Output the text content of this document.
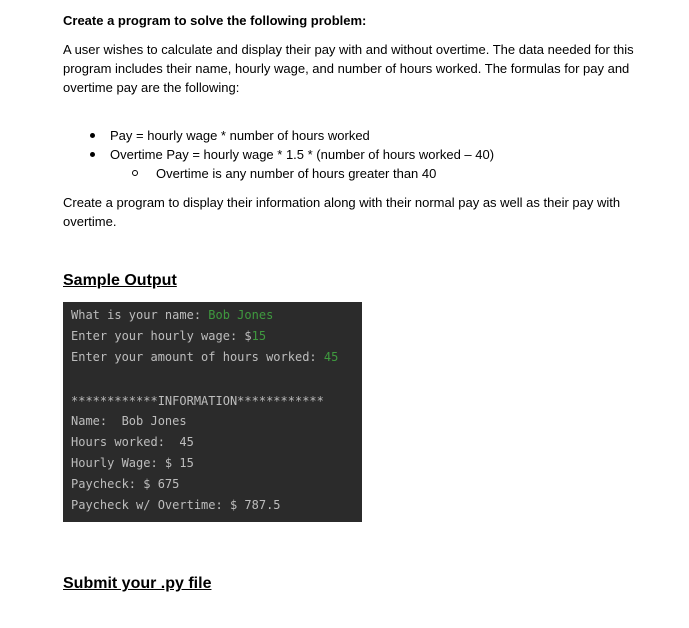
Create a program to solve the following problem:
A user wishes to calculate and display their pay with and without overtime. The data needed for this program includes their name, hourly wage, and number of hours worked. The formulas for pay and overtime pay are the following:
Pay = hourly wage * number of hours worked
Overtime Pay = hourly wage * 1.5 * (number of hours worked – 40)
Overtime is any number of hours greater than 40
Create a program to display their information along with their normal pay as well as their pay with overtime.
Sample Output
What is your name: Bob Jones
Enter your hourly wage: $15
Enter your amount of hours worked: 45
************INFORMATION************
Name:  Bob Jones
Hours worked:  45
Hourly Wage: $ 15
Paycheck: $ 675
Paycheck w/ Overtime: $ 787.5
Submit your .py file
